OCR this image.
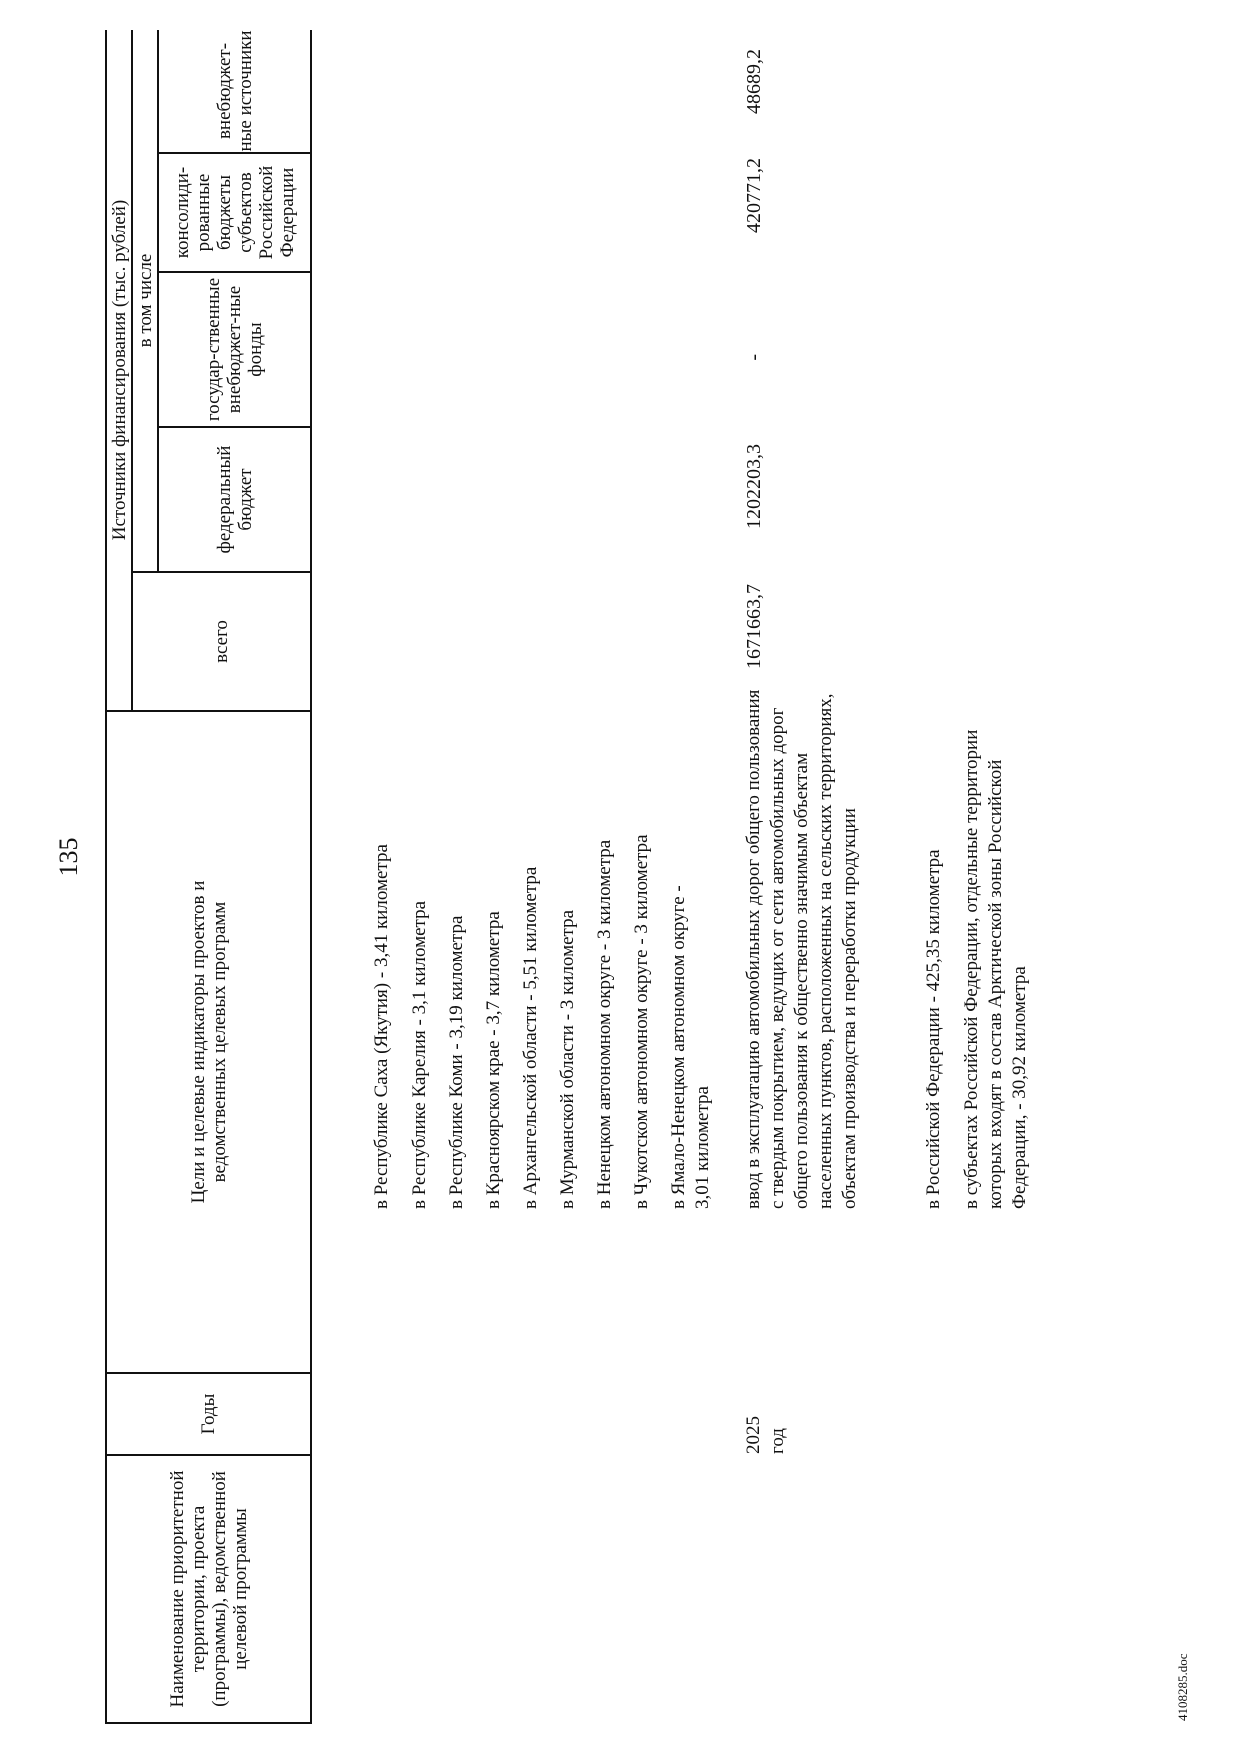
135
Наименование приоритетной территории, проекта (программы), ведомственной целевой программы
Годы
Цели и целевые индикаторы проектов и ведомственных целевых программ
Источники финансирования (тыс. рублей)
всего
в том числе
федеральный бюджет
государ-ственные внебюджет-ные фонды
консолиди-рованные бюджеты субъектов Российской Федерации
внебюджет-ные источники
в Республике Саха (Якутия) - 3,41 километра в Республике Карелия - 3,1 километра в Республике Коми - 3,19 километра в Красноярском крае - 3,7 километра в Архангельской области - 5,51 километра в Мурманской области - 3 километра в Ненецком автономном округе - 3 километра в Чукотском автономном округе - 3 километра в Ямало-Ненецком автономном округе - 3,01 километра
2025 год
ввод в эксплуатацию автомобильных дорог общего пользования с твердым покрытием, ведущих от сети автомобильных дорог общего пользования к общественно значимым объектам населенных пунктов, расположенных на сельских территориях, объектам производства и переработки продукции
1671663,7
1202203,3
-
420771,2
48689,2
в Российской Федерации - 425,35 километра в субъектах Российской Федерации, отдельные территории которых входят в состав Арктической зоны Российской Федерации, - 30,92 километра
4108285.doc
